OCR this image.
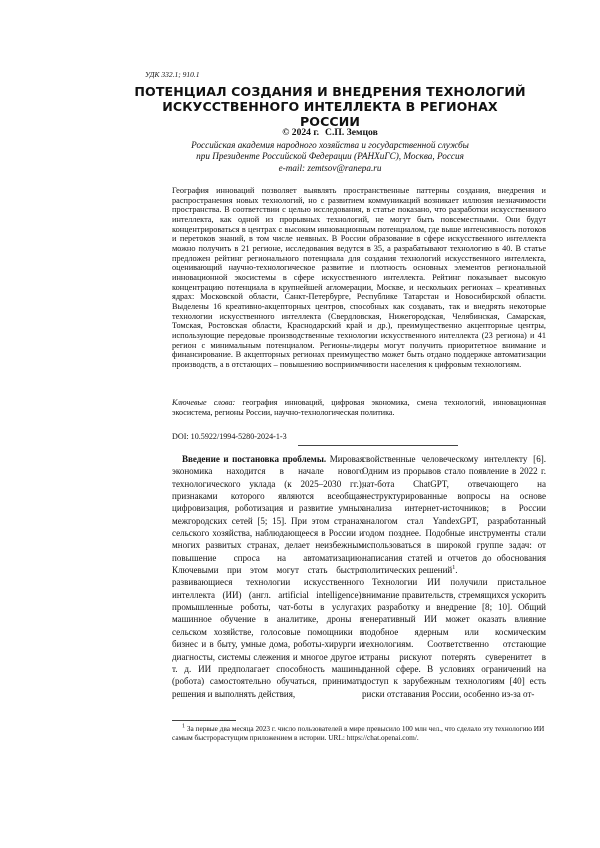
УДК 332.1; 910.1
ПОТЕНЦИАЛ СОЗДАНИЯ И ВНЕДРЕНИЯ ТЕХНОЛОГИЙ ИСКУССТВЕННОГО ИНТЕЛЛЕКТА В РЕГИОНАХ РОССИИ
© 2024 г. С.П. Земцов
Российская академия народного хозяйства и государственной службы
при Президенте Российской Федерации (РАНХиГС), Москва, Россия
e-mail: zemtsov@ranepa.ru
География инноваций позволяет выявлять пространственные паттерны создания, внедрения и распространения новых технологий, но с развитием коммуникаций возникает иллюзия незначимости пространства. В соответствии с целью исследования, в статье показано, что разработки искусственного интеллекта, как одной из прорывных технологий, не могут быть повсеместными. Они будут концентрироваться в центрах с высоким инновационным потенциалом, где выше интенсивность потоков и перетоков знаний, в том числе неявных. В России образование в сфере искусственного интеллекта можно получить в 21 регионе, исследования ведутся в 35, а разрабатывают технологию в 40. В статье предложен рейтинг регионального потенциала для создания технологий искусственного интеллекта, оценивающий научно-технологическое развитие и плотность основных элементов региональной инновационной экосистемы в сфере искусственного интеллекта. Рейтинг показывает высокую концентрацию потенциала в крупнейшей агломерации, Москве, и нескольких регионах – креативных ядрах: Московской области, Санкт-Петербурге, Республике Татарстан и Новосибирской области. Выделены 16 креативно-акцепторных центров, способных как создавать, так и внедрять некоторые технологии искусственного интеллекта (Свердловская, Нижегородская, Челябинская, Самарская, Томская, Ростовская области, Краснодарский край и др.), преимущественно акцепторные центры, использующие передовые производственные технологии искусственного интеллекта (23 региона) и 41 регион с минимальным потенциалом. Регионы-лидеры могут получить приоритетное внимание и финансирование. В акцепторных регионах преимущество может быть отдано поддержке автоматизации производств, а в отстающих – повышению восприимчивости населения к цифровым технологиям.
Ключевые слова: география инноваций, цифровая экономика, смена технологий, инновационная экосистема, регионы России, научно-технологическая политика.
DOI: 10.5922/1994-5280-2024-1-3

Введение и постановка проблемы. Мировая экономика находится в начале нового технологического уклада (к 2025–2030 гг.), признаками которого являются всеобщая цифровизация, роботизация и развитие умных межгородских сетей [5; 15]. При этом странах сельского хозяйства, наблюдающееся в России и многих развитых странах, делает неизбежным повышение спроса на автоматизацию. Ключевыми при этом могут стать быстро развивающиеся технологии искусственного интеллекта (ИИ) (англ. artificial intelligence): промышленные роботы, чат-боты в услугах, машинное обучение в аналитике, дроны в сельском хозяйстве, голосовые помощники в бизнес и в быту, умные дома, роботы-хирурги и диагносты, системы слежения и многое другое и т. д. ИИ предполагает способность машины (робота) самостоятельно обучаться, принимать решения и выполнять действия,

свойственные человеческому интеллекту [6]. Одним из прорывов стало появление в 2022 г. чат-бота ChatGPT, отвечающего на неструктурированные вопросы на основе анализа интернет-источников; в России аналогом стал YandexGPT, разработанный годом позднее. Подобные инструменты стали использоваться в широкой группе задач: от написания статей и отчетов до обоснования политических решений$^1$.

Технологии ИИ получили пристальное внимание правительств, стремящихся ускорить их разработку и внедрение [8; 10]. Общий генеративный ИИ может оказать влияние подобное ядерным или космическим технологиям. Соответственно отстающие страны рискуют потерять суверенитет в данной сфере. В условиях ограничений на доступ к зарубежным технологиям [40] есть риски отставания России, особенно из-за от-

$^1$ За первые два месяца 2023 г. число пользователей в мире превысило 100 млн чел., что сделало эту технологию ИИ самым быстрорастущим приложением в истории. URL: https://chat.openai.com/.
